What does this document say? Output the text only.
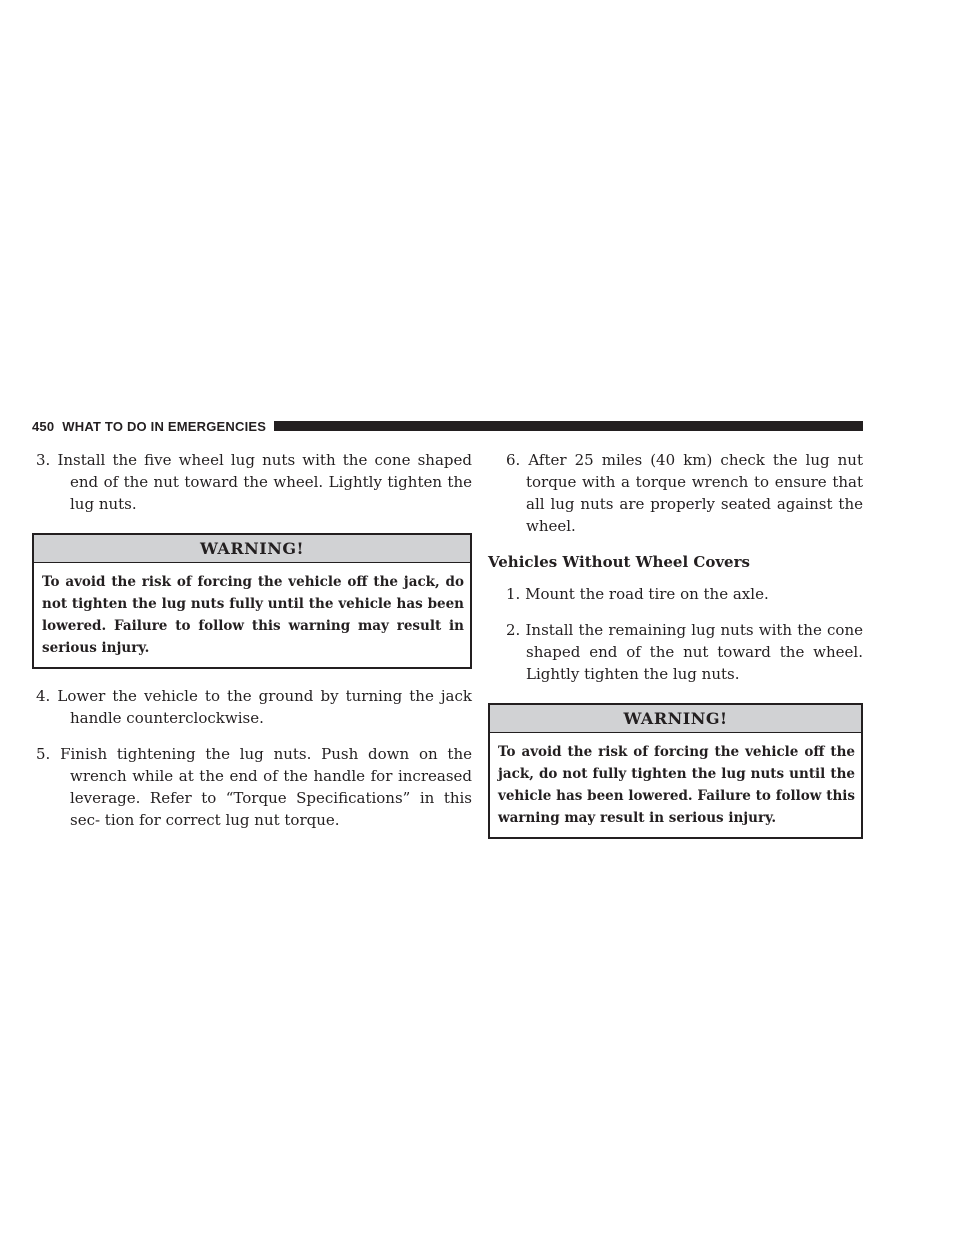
450 WHAT TO DO IN EMERGENCIES

3. Install the five wheel lug nuts with the cone shaped end of the nut toward the wheel. Lightly tighten the lug nuts.

WARNING!
To avoid the risk of forcing the vehicle off the jack, do not tighten the lug nuts fully until the vehicle has been lowered. Failure to follow this warning may result in serious injury.

4. Lower the vehicle to the ground by turning the jack handle counterclockwise.

5. Finish tightening the lug nuts. Push down on the wrench while at the end of the handle for increased leverage. Refer to “Torque Specifications” in this sec- tion for correct lug nut torque.

6. After 25 miles (40 km) check the lug nut torque with a torque wrench to ensure that all lug nuts are properly seated against the wheel.

Vehicles Without Wheel Covers

1. Mount the road tire on the axle.

2. Install the remaining lug nuts with the cone shaped end of the nut toward the wheel. Lightly tighten the lug nuts.

WARNING!
To avoid the risk of forcing the vehicle off the jack, do not fully tighten the lug nuts until the vehicle has been lowered. Failure to follow this warning may result in serious injury.
